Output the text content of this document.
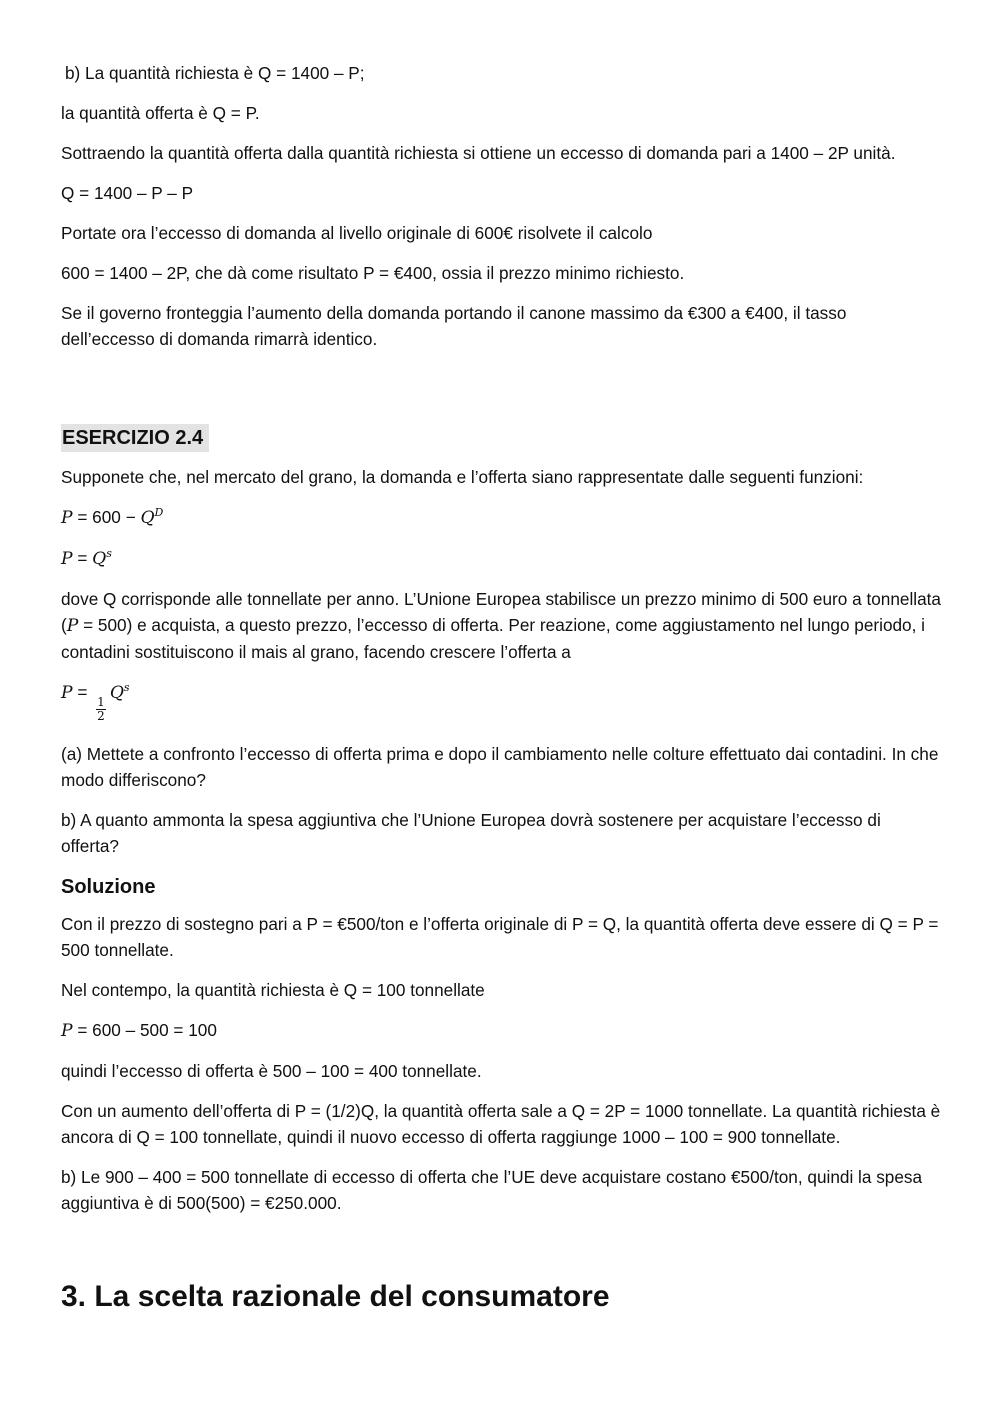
b) La quantità richiesta è Q = 1400 – P;

la quantità offerta è Q = P.

Sottraendo la quantità offerta dalla quantità richiesta si ottiene un eccesso di domanda pari a 1400 – 2P unità.

Q = 1400 – P – P

Portate ora l’eccesso di domanda al livello originale di 600€ risolvete il calcolo

600 = 1400 – 2P, che dà come risultato P = €400, ossia il prezzo minimo richiesto.

Se il governo fronteggia l’aumento della domanda portando il canone massimo da €300 a €400, il tasso dell’eccesso di domanda rimarrà identico.

ESERCIZIO 2.4

Supponete che, nel mercato del grano, la domanda e l’offerta siano rappresentate dalle seguenti funzioni:

$P = 600 - Q^D$
$P = Q^s$

dove Q corrisponde alle tonnellate per anno. L’Unione Europea stabilisce un prezzo minimo di 500 euro a tonnellata (P = 500) e acquista, a questo prezzo, l’eccesso di offerta. Per reazione, come aggiustamento nel lungo periodo, i contadini sostituiscono il mais al grano, facendo crescere l’offerta a

P =
$\frac{1}{2}$
$Q^s$

(a) Mettete a confronto l’eccesso di offerta prima e dopo il cambiamento nelle colture effettuato dai contadini. In che modo differiscono?

b) A quanto ammonta la spesa aggiuntiva che l’Unione Europea dovrà sostenere per acquistare l’eccesso di offerta?

Soluzione

Con il prezzo di sostegno pari a P = €500/ton e l’offerta originale di P = Q, la quantità offerta deve essere di Q = P = 500 tonnellate.

Nel contempo, la quantità richiesta è Q = 100 tonnellate

P = 600 – 500 = 100

quindi l’eccesso di offerta è 500 – 100 = 400 tonnellate.

Con un aumento dell’offerta di P = (1/2)Q, la quantità offerta sale a Q = 2P = 1000 tonnellate. La quantità richiesta è ancora di Q = 100 tonnellate, quindi il nuovo eccesso di offerta raggiunge 1000 – 100 = 900 tonnellate.

b) Le 900 – 400 = 500 tonnellate di eccesso di offerta che l’UE deve acquistare costano €500/ton, quindi la spesa aggiuntiva è di 500(500) = €250.000.

3. La scelta razionale del consumatore
